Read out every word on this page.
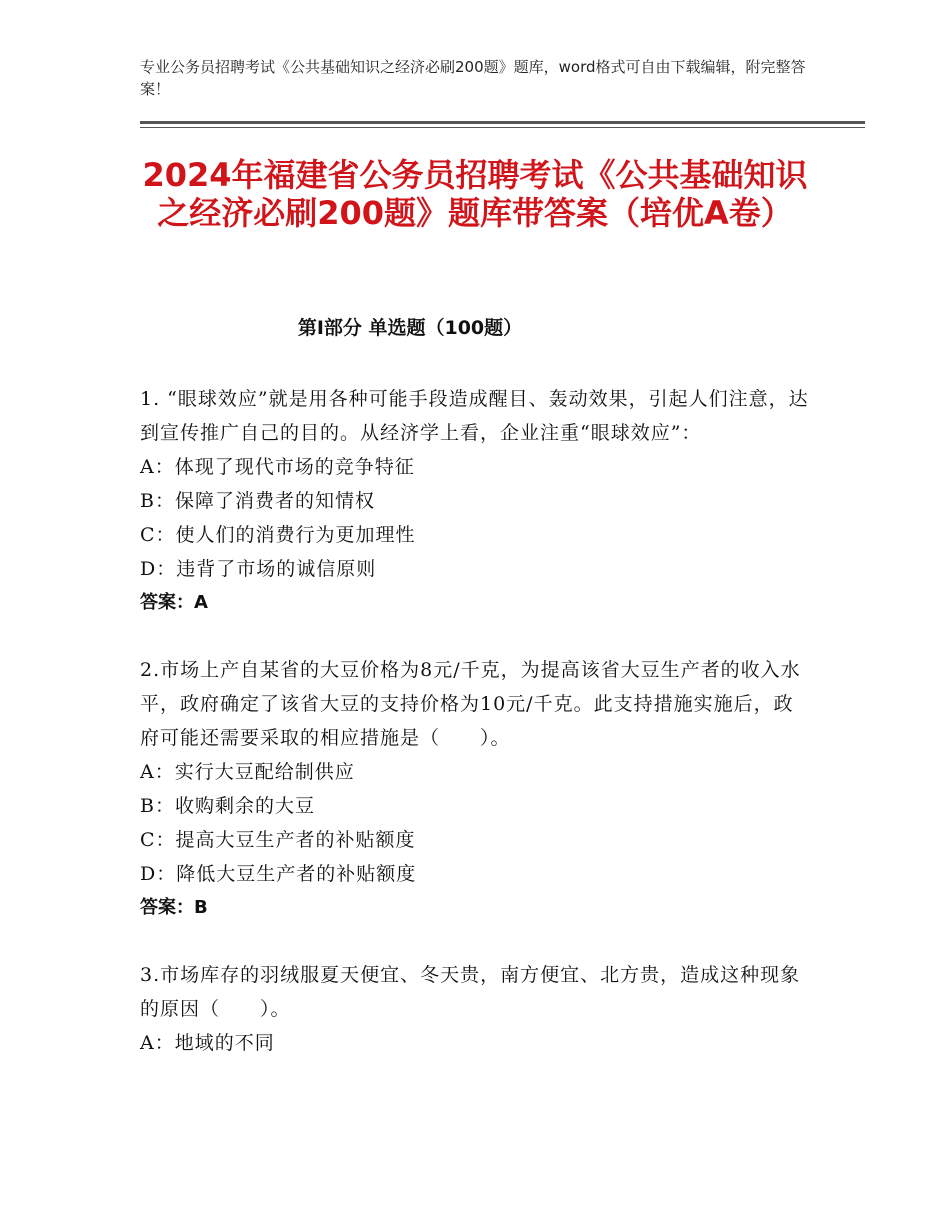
专业公务员招聘考试《公共基础知识之经济必刷200题》题库，word格式可自由下载编辑，附完整答案！
2024年福建省公务员招聘考试《公共基础知识之经济必刷200题》题库带答案（培优A卷）
第Ⅰ部分 单选题（100题）

1. “眼球效应”就是用各种可能手段造成醒目、轰动效果，引起人们注意，达到宣传推广自己的目的。从经济学上看，企业注重“眼球效应”：

A：体现了现代市场的竞争特征

B：保障了消费者的知情权

C：使人们的消费行为更加理性

D：违背了市场的诚信原则

答案：A

2.市场上产自某省的大豆价格为8元/千克，为提高该省大豆生产者的收入水平，政府确定了该省大豆的支持价格为10元/千克。此支持措施实施后，政府可能还需要采取的相应措施是（　　）。

A：实行大豆配给制供应

B：收购剩余的大豆

C：提高大豆生产者的补贴额度

D：降低大豆生产者的补贴额度

答案：B

3.市场库存的羽绒服夏天便宜、冬天贵，南方便宜、北方贵，造成这种现象的原因（　　）。

A：地域的不同
